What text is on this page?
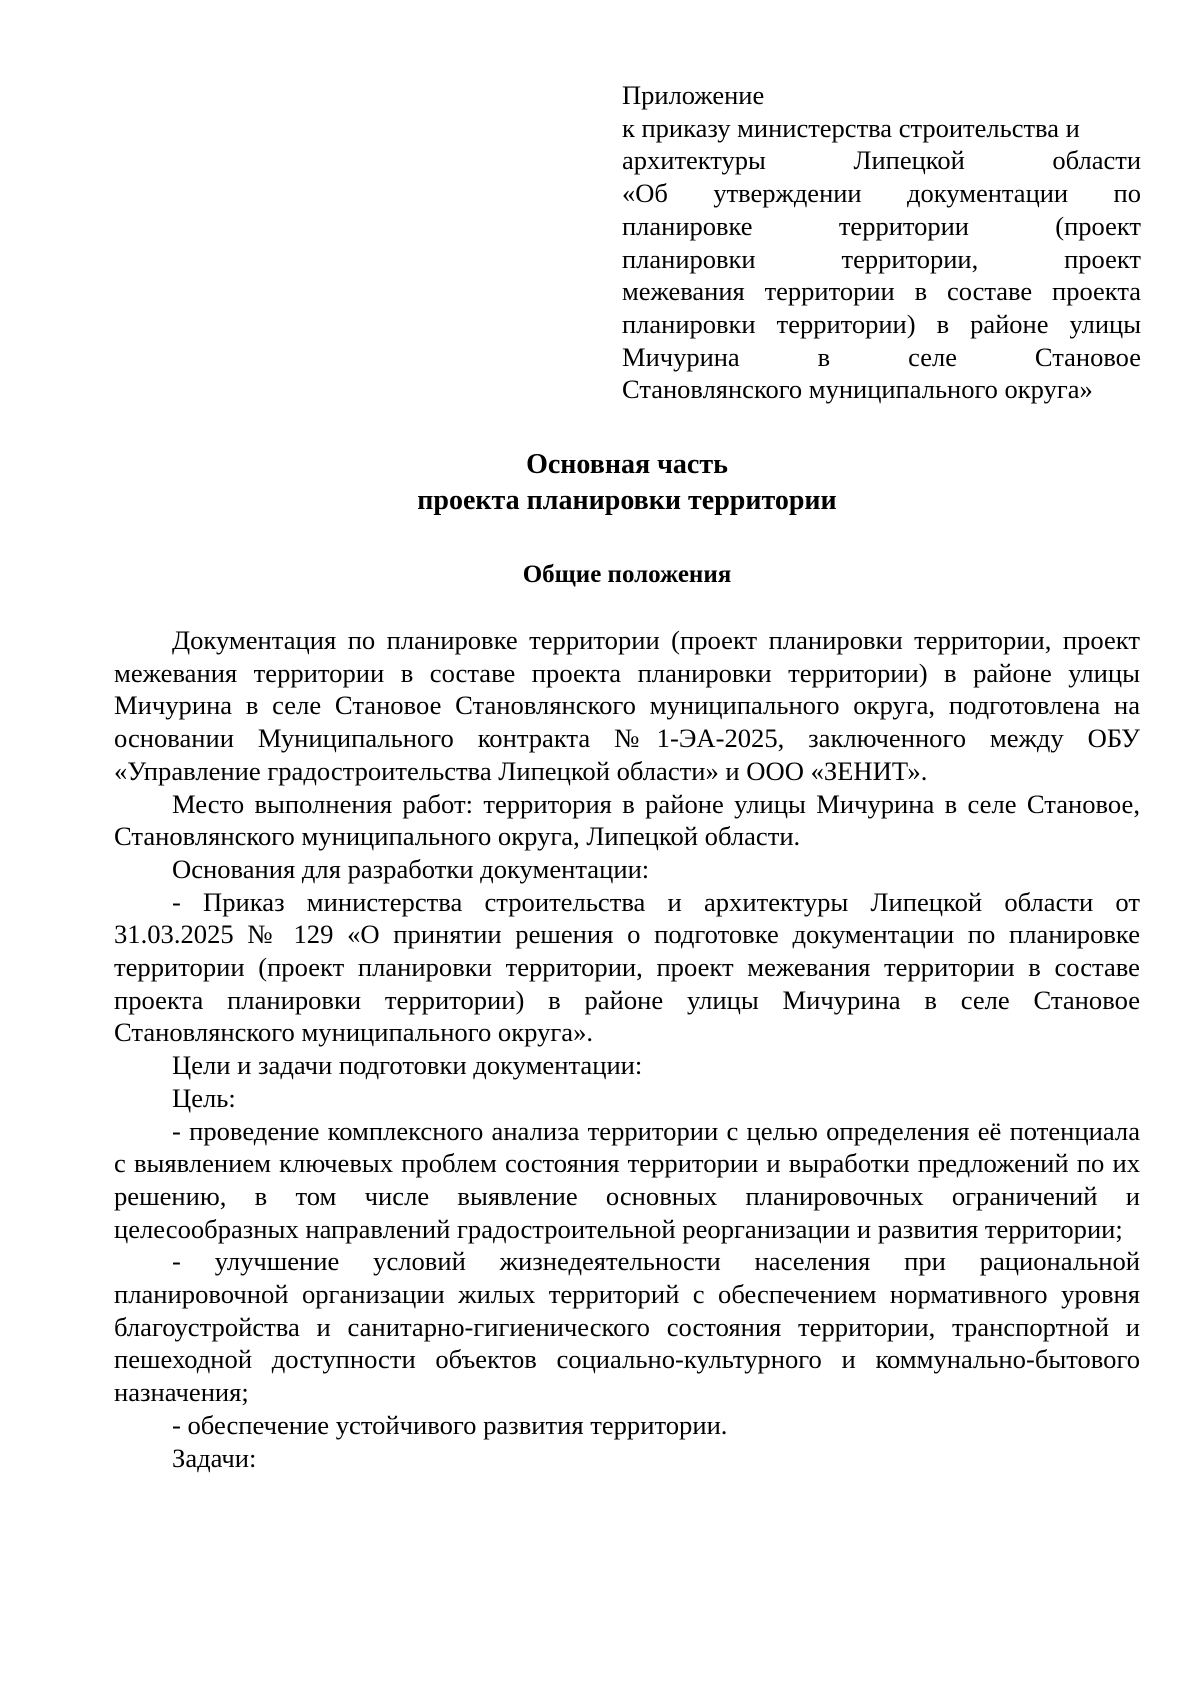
Приложение
к приказу министерства строительства и
архитектуры Липецкой области
«Об утверждении документации по
планировке территории (проект
планировки территории, проект
межевания территории в составе проекта
планировки территории) в районе улицы
Мичурина в селе Становое
Становлянского муниципального округа»
Основная часть
проекта планировки территории
Общие положения

Документация по планировке территории (проект планировки территории, проект межевания территории в составе проекта планировки территории) в районе улицы Мичурина в селе Становое Становлянского муниципального округа, подготовлена на основании Муниципального контракта №1-ЭА-2025, заключенного между ОБУ «Управление градостроительства Липецкой области» и ООО «ЗЕНИТ».

Место выполнения работ: территория в районе улицы Мичурина в селе Становое, Становлянского муниципального округа, Липецкой области.

Основания для разработки документации:

- Приказ министерства строительства и архитектуры Липецкой области от 31.03.2025 № 129 «О принятии решения о подготовке документации по планировке территории (проект планировки территории, проект межевания территории в составе проекта планировки территории) в районе улицы Мичурина в селе Становое Становлянского муниципального округа».

Цели и задачи подготовки документации:

Цель:

- проведение комплексного анализа территории с целью определения её потенциала с выявлением ключевых проблем состояния территории и выработки предложений по их решению, в том числе выявление основных планировочных ограничений и целесообразных направлений градостроительной реорганизации и развития территории;

- улучшение условий жизнедеятельности населения при рациональной планировочной организации жилых территорий с обеспечением нормативного уровня благоустройства и санитарно-гигиенического состояния территории, транспортной и пешеходной доступности объектов социально-культурного и коммунально-бытового назначения;

- обеспечение устойчивого развития территории.

Задачи:
